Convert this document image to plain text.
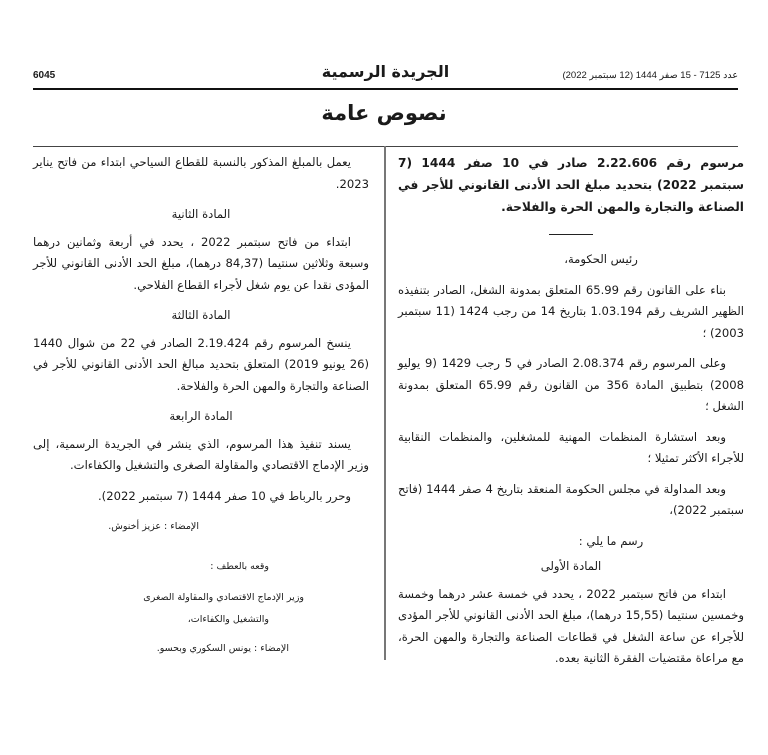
6045	الجريدة الرسمية	عدد 7125 - 15 صفر 1444 (12 سبتمبر 2022)
نصوص عامة

مرسوم رقم 2.22.606 صادر في 10 صفر 1444 (7 سبتمبر 2022) بتحديد مبلغ الحد الأدنى القانوني للأجر في الصناعة والتجارة والمهن الحرة والفلاحة.

رئيس الحكومة،

بناء على القانون رقم 65.99 المتعلق بمدونة الشغل، الصادر بتنفيذه الظهير الشريف رقم 1.03.194 بتاريخ 14 من رجب 1424 (11 سبتمبر 2003) ؛

وعلى المرسوم رقم 2.08.374 الصادر في 5 رجب 1429 (9 يوليو 2008) بتطبيق المادة 356 من القانون رقم 65.99 المتعلق بمدونة الشغل ؛

وبعد استشارة المنظمات المهنية للمشغلين، والمنظمات النقابية للأجراء الأكثر تمثيلا ؛

وبعد المداولة في مجلس الحكومة المنعقد بتاريخ 4 صفر 1444 (فاتح سبتمبر 2022)،

رسم ما يلي :

المادة الأولى

ابتداء من فاتح سبتمبر 2022 ، يحدد في خمسة عشر درهما وخمسة وخمسين سنتيما (15,55 درهما)، مبلغ الحد الأدنى القانوني للأجر المؤدى للأجراء عن ساعة الشغل في قطاعات الصناعة والتجارة والمهن الحرة، مع مراعاة مقتضيات الفقرة الثانية بعده.

يعمل بالمبلغ المذكور بالنسبة للقطاع السياحي ابتداء من فاتح يناير 2023.

المادة الثانية

ابتداء من فاتح سبتمبر 2022 ، يحدد في أربعة وثمانين درهما وسبعة وثلاثين سنتيما (84,37 درهما)، مبلغ الحد الأدنى القانوني للأجر المؤدى نقدا عن يوم شغل لأجراء القطاع الفلاحي.

المادة الثالثة

ينسخ المرسوم رقم 2.19.424 الصادر في 22 من شوال 1440 (26 يونيو 2019) المتعلق بتحديد مبالغ الحد الأدنى القانوني للأجر في الصناعة والتجارة والمهن الحرة والفلاحة.

المادة الرابعة

يسند تنفيذ هذا المرسوم، الذي ينشر في الجريدة الرسمية، إلى وزير الإدماج الاقتصادي والمقاولة الصغرى والتشغيل والكفاءات.

وحرر بالرباط في 10 صفر 1444 (7 سبتمبر 2022).

الإمضاء : عزيز أخنوش.

وقعه بالعطف :

وزير الإدماج الاقتصادي والمقاولة الصغرى

والتشغيل والكفاءات،

الإمضاء : يونس السكوري وبحسو.
